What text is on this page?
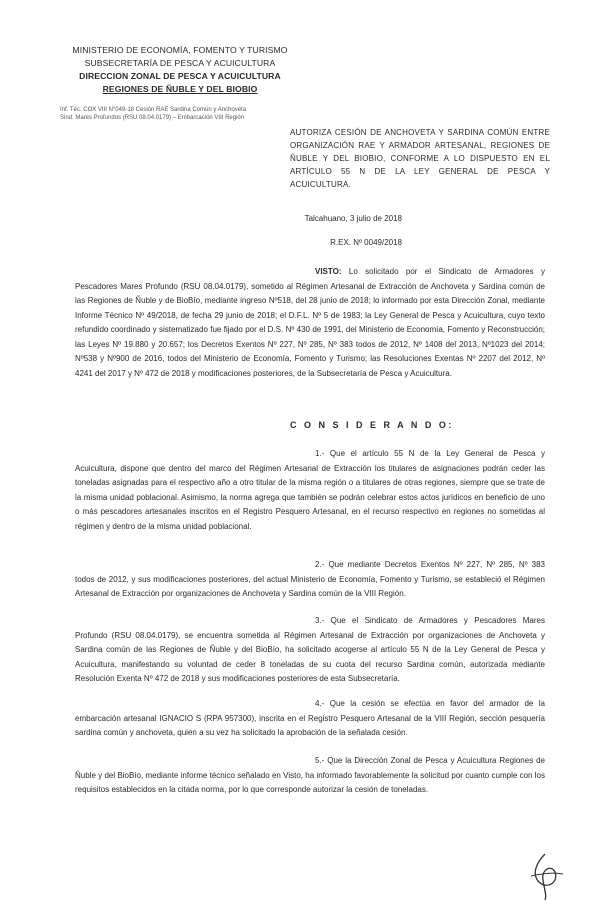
MINISTERIO DE ECONOMÍA, FOMENTO Y TURISMO
SUBSECRETARÍA DE PESCA Y ACUICULTURA
DIRECCION ZONAL DE PESCA Y ACUICULTURA
REGIONES DE ÑUBLE Y DEL BIOBIO
Inf. Téc. COX VIII N°049-18 Cesión RAE Sardina Común y Anchoveta
Sind. Mares Profundos (RSU 08.04.0179) – Embarcación VIII Región
AUTORIZA CESIÓN DE ANCHOVETA Y SARDINA COMÚN ENTRE ORGANIZACIÓN RAE Y ARMADOR ARTESANAL, REGIONES DE ÑUBLE Y DEL BIOBIO, CONFORME A LO DISPUESTO EN EL ARTÍCULO 55 N DE LA LEY GENERAL DE PESCA Y ACUICULTURA.
Talcahuano, 3 julio de 2018
R.EX. Nº 0049/2018
VISTO: Lo solicitado por el Sindicato de Armadores y Pescadores Mares Profundo (RSU 08.04.0179), sometido al Régimen Artesanal de Extracción de Anchoveta y Sardina común de las Regiones de Ñuble y de BioBío, mediante ingreso Nº518, del 28 junio de 2018; lo informado por esta Dirección Zonal, mediante Informe Técnico Nº 49/2018, de fecha 29 junio de 2018; el D.F.L. Nº 5 de 1983; la Ley General de Pesca y Acuicultura, cuyo texto refundido coordinado y sistematizado fue fijado por el D.S. Nº 430 de 1991, del Ministerio de Economía, Fomento y Reconstrucción; las Leyes Nº 19.880 y 20.657; los Decretos Exentos Nº 227, Nº 285, Nº 383 todos de 2012, Nº 1408 del 2013, Nº1023 del 2014; Nº538 y Nº900 de 2016, todos del Ministerio de Economía, Fomento y Turismo; las Resoluciones Exentas Nº 2207 del 2012, Nº 4241 del 2017 y Nº 472 de 2018 y modificaciones posteriores, de la Subsecretaría de Pesca y Acuicultura.
C O N S I D E R A N D O:
1.- Que el artículo 55 N de la Ley General de Pesca y Acuicultura, dispone que dentro del marco del Régimen Artesanal de Extracción los titulares de asignaciones podrán ceder las toneladas asignadas para el respectivo año a otro titular de la misma región o a titulares de otras regiones, siempre que se trate de la misma unidad poblacional. Asimismo, la norma agrega que también se podrán celebrar estos actos jurídicos en beneficio de uno o más pescadores artesanales inscritos en el Registro Pesquero Artesanal, en el recurso respectivo en regiones no sometidas al régimen y dentro de la misma unidad poblacional.
2.- Que mediante Decretos Exentos Nº 227, Nº 285, Nº 383 todos de 2012, y sus modificaciones posteriores, del actual Ministerio de Economía, Fomento y Turismo, se estableció el Régimen Artesanal de Extracción por organizaciones de Anchoveta y Sardina común de la VIII Región.
3.- Que el Sindicato de Armadores y Pescadores Mares Profundo (RSU 08.04.0179), se encuentra sometida al Régimen Artesanal de Extracción por organizaciones de Anchoveta y Sardina común de las Regiones de Ñuble y del BioBío, ha solicitado acogerse al artículo 55 N de la Ley General de Pesca y Acuicultura, manifestando su voluntad de ceder 8 toneladas de su cuota del recurso Sardina común, autorizada mediante Resolución Exenta Nº 472 de 2018 y sus modificaciones posteriores de esta Subsecretaría.
4.- Que la cesión se efectúa en favor del armador de la embarcación artesanal IGNACIO S (RPA 957300), inscrita en el Registro Pesquero Artesanal de la VIII Región, sección pesquería sardina común y anchoveta, quien a su vez ha solicitado la aprobación de la señalada cesión.
5.- Que la Dirección Zonal de Pesca y Acuicultura Regiones de Ñuble y del BioBío, mediante informe técnico señalado en Visto, ha informado favorablemente la solicitud por cuanto cumple con los requisitos establecidos en la citada norma, por lo que corresponde autorizar la cesión de toneladas.
